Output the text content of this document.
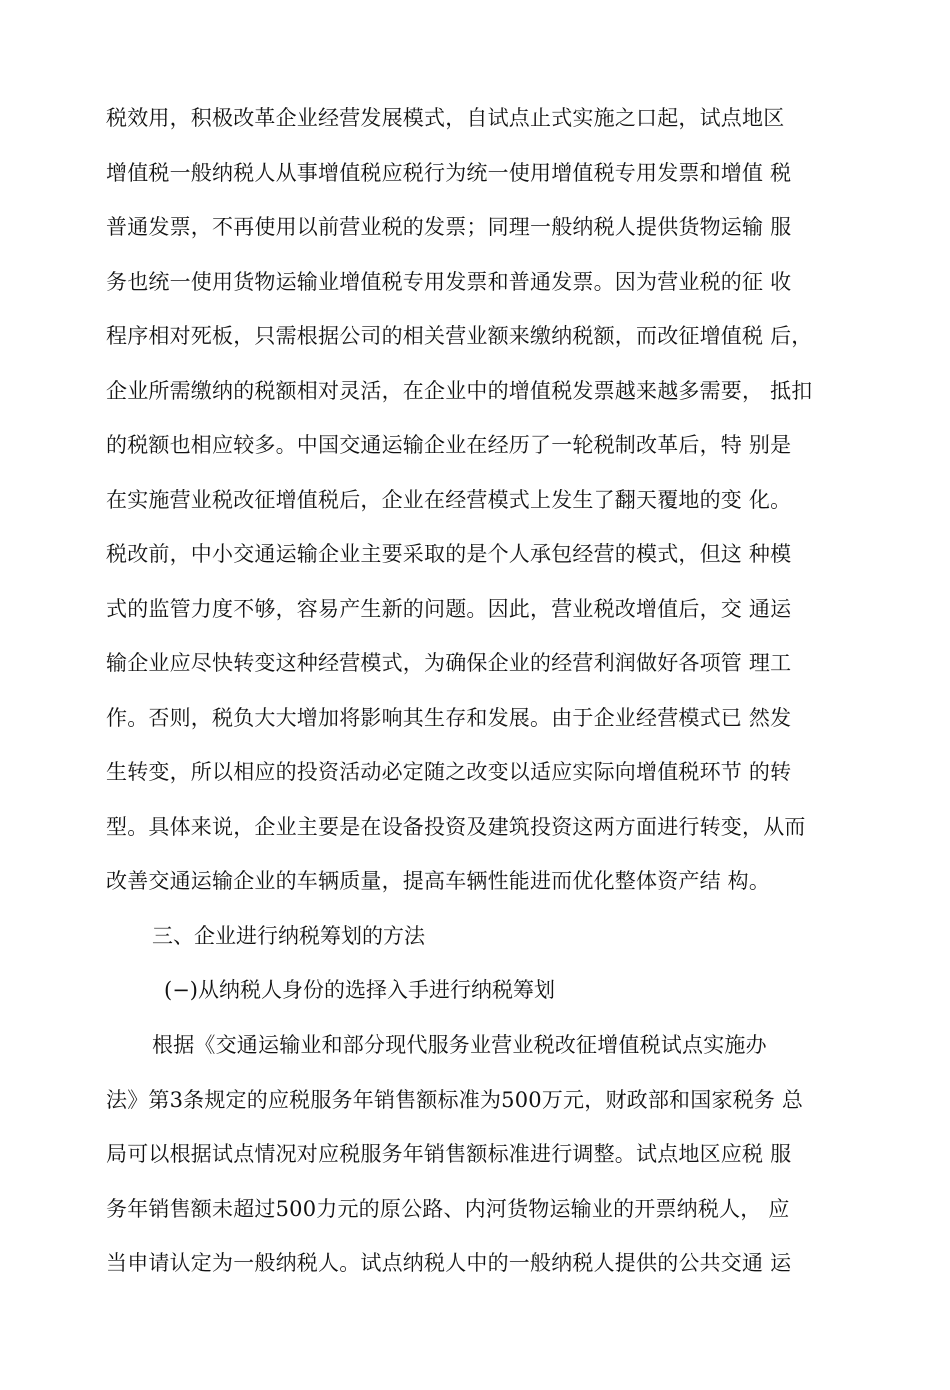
税效用，积极改革企业经营发展模式，自试点止式实施之口起，试点地区
增值税一般纳税人从事增值税应税行为统一使用增值税专用发票和增值 税
普通发票，不再使用以前营业税的发票；同理一般纳税人提供货物运输 服
务也统一使用货物运输业增值税专用发票和普通发票。因为营业税的征 收
程序相对死板，只需根据公司的相关营业额来缴纳税额，而改征增值税 后，
企业所需缴纳的税额相对灵活，在企业中的增值税发票越来越多需要， 抵扣
的税额也相应较多。中国交通运输企业在经历了一轮税制改革后，特 别是
在实施营业税改征增值税后，企业在经营模式上发生了翻天覆地的变 化。
税改前，中小交通运输企业主要采取的是个人承包经营的模式，但这 种模
式的监管力度不够，容易产生新的问题。因此，营业税改增值后，交 通运
输企业应尽快转变这种经营模式，为确保企业的经营利润做好各项管 理工
作。否则，税负大大增加将影响其生存和发展。由于企业经营模式已 然发
生转变，所以相应的投资活动必定随之改变以适应实际向增值税环节 的转
型。具体来说，企业主要是在设备投资及建筑投资这两方面进行转变，从而
改善交通运输企业的车辆质量，提高车辆性能进而优化整体资产结 构。
三、企业进行纳税筹划的方法
(−)从纳税人身份的选择入手进行纳税筹划
根据《交通运输业和部分现代服务业营业税改征增值税试点实施办
法》第3条规定的应税服务年销售额标准为500万元，财政部和国家税务 总
局可以根据试点情况对应税服务年销售额标准进行调整。试点地区应税 服
务年销售额未超过500力元的原公路、内河货物运输业的开票纳税人， 应
当申请认定为一般纳税人。试点纳税人中的一般纳税人提供的公共交通 运
